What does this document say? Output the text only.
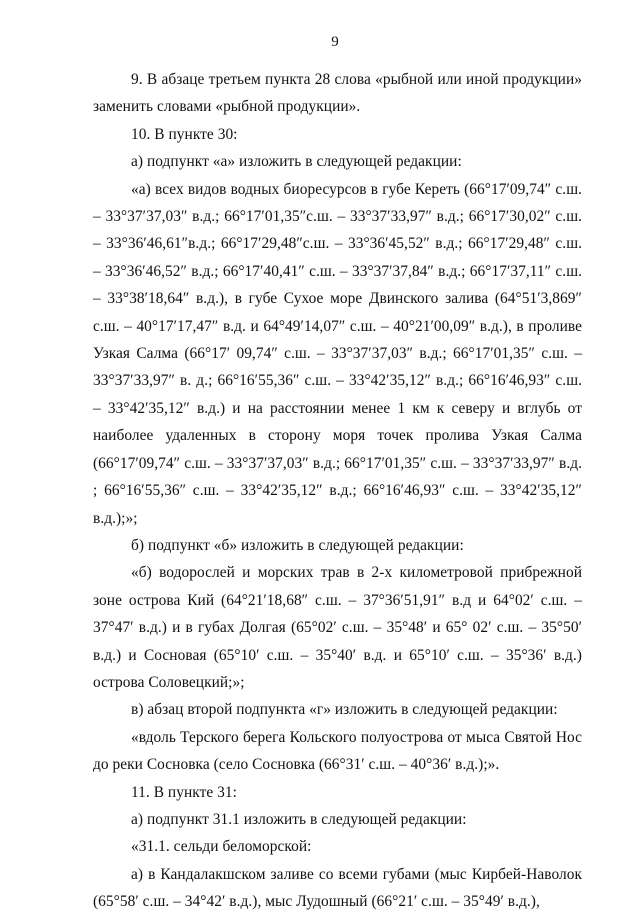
9

9. В абзаце третьем пункта 28 слова «рыбной или иной продукции» заменить словами «рыбной продукции».

10. В пункте 30:

а) подпункт «а» изложить в следующей редакции:

«а) всех видов водных биоресурсов в губе Кереть (66°17′09,74″ с.ш. – 33°37′37,03″ в.д.; 66°17′01,35″с.ш. – 33°37′33,97″ в.д.; 66°17′30,02″ с.ш. – 33°36′46,61″в.д.; 66°17′29,48″с.ш. – 33°36′45,52″ в.д.; 66°17′29,48″ с.ш. – 33°36′46,52″ в.д.; 66°17′40,41″ с.ш. – 33°37′37,84″ в.д.; 66°17′37,11″ с.ш. – 33°38′18,64″ в.д.), в губе Сухое море Двинского залива (64°51′3,869″ с.ш. – 40°17′17,47″ в.д. и 64°49′14,07″ с.ш. – 40°21′00,09″ в.д.), в проливе Узкая Салма (66°17′ 09,74″ с.ш. – 33°37′37,03″ в.д.; 66°17′01,35″ с.ш. – 33°37′33,97″ в. д.; 66°16′55,36″ с.ш. – 33°42′35,12″ в.д.; 66°16′46,93″ с.ш. – 33°42′35,12″ в.д.) и на расстоянии менее 1 км к северу и вглубь от наиболее удаленных в сторону моря точек пролива Узкая Салма (66°17′09,74″ с.ш. – 33°37′37,03″ в.д.; 66°17′01,35″ с.ш. – 33°37′33,97″ в.д. ; 66°16′55,36″ с.ш. – 33°42′35,12″ в.д.; 66°16′46,93″ с.ш. – 33°42′35,12″ в.д.);»;

б) подпункт «б» изложить в следующей редакции:

«б) водорослей и морских трав в 2-х километровой прибрежной зоне острова Кий (64°21′18,68″ с.ш. – 37°36′51,91″ в.д и 64°02′ с.ш. – 37°47′ в.д.) и в губах Долгая (65°02′ с.ш. – 35°48′ и 65° 02′ с.ш. – 35°50′ в.д.) и Сосновая (65°10′ с.ш. – 35°40′ в.д. и 65°10′ с.ш. – 35°36′ в.д.) острова Соловецкий;»;

в) абзац второй подпункта «г» изложить в следующей редакции:

«вдоль Терского берега Кольского полуострова от мыса Святой Нос до реки Сосновка (село Сосновка (66°31′ с.ш. – 40°36′ в.д.);».

11. В пункте 31:

а) подпункт 31.1 изложить в следующей редакции:

«31.1. сельди беломорской:

а) в Кандалакшском заливе со всеми губами (мыс Кирбей-Наволок (65°58′ с.ш. – 34°42′ в.д.), мыс Лудошный (66°21′ с.ш. – 35°49′ в.д.),
